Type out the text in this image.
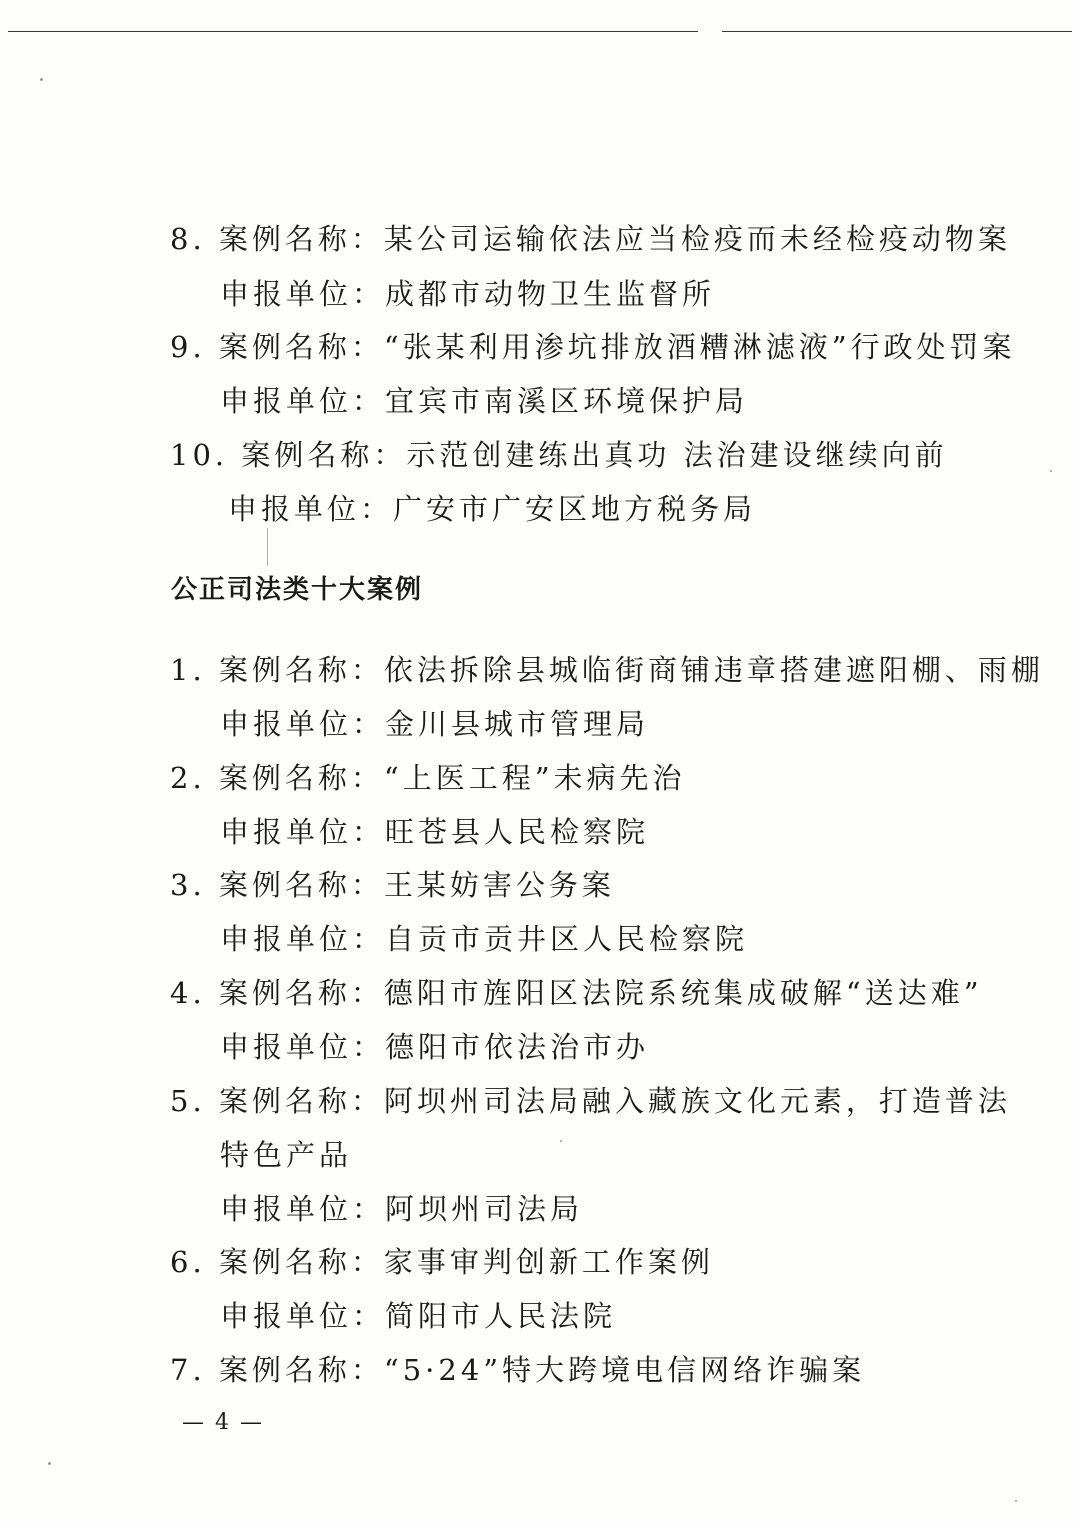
8. 案例名称：某公司运输依法应当检疫而未经检疫动物案
申报单位：成都市动物卫生监督所
9. 案例名称：“张某利用渗坑排放酒糟淋滤液”行政处罚案
申报单位：宜宾市南溪区环境保护局
10. 案例名称：示范创建练出真功 法治建设继续向前
申报单位：广安市广安区地方税务局
公正司法类十大案例
1. 案例名称：依法拆除县城临街商铺违章搭建遮阳棚、雨棚
申报单位：金川县城市管理局
2. 案例名称：“上医工程”未病先治
申报单位：旺苍县人民检察院
3. 案例名称：王某妨害公务案
申报单位：自贡市贡井区人民检察院
4. 案例名称：德阳市旌阳区法院系统集成破解“送达难”
申报单位：德阳市依法治市办
5. 案例名称：阿坝州司法局融入藏族文化元素，打造普法
特色产品
申报单位：阿坝州司法局
6. 案例名称：家事审判创新工作案例
申报单位：简阳市人民法院
7. 案例名称：“5·24”特大跨境电信网络诈骗案
— 4 —
